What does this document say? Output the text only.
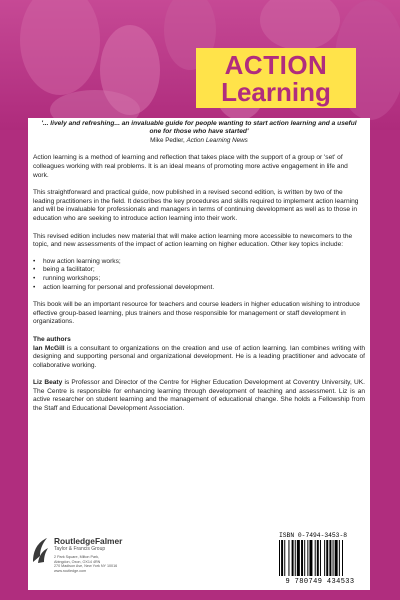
ACTION
Learning
'... lively and refreshing... an invaluable guide for people wanting to start action learning and a useful one for those who have started'
Mike Pedler, Action Learning News

Action learning is a method of learning and reflection that takes place with the support of a group or 'set' of colleagues working with real problems. It is an ideal means of promoting more active engagement in life and work.

This straightforward and practical guide, now published in a revised second edition, is written by two of the leading practitioners in the field. It describes the key procedures and skills required to implement action learning and will be invaluable for professionals and managers in terms of continuing development as well as to those in education who are seeking to introduce action learning into their work.

This revised edition includes new material that will make action learning more accessible to newcomers to the topic, and new assessments of the impact of action learning on higher education. Other key topics include:

• how action learning works;
• being a facilitator;
• running workshops;
• action learning for personal and professional development.

This book will be an important resource for teachers and course leaders in higher education wishing to introduce effective group-based learning, plus trainers and those responsible for management or staff development in organizations.

The authors
Ian McGill is a consultant to organizations on the creation and use of action learning. Ian combines writing with designing and supporting personal and organizational development. He is a leading practitioner and advocate of collaborative working.

Liz Beaty is Professor and Director of the Centre for Higher Education Development at Coventry University, UK. The Centre is responsible for enhancing learning through development of teaching and assessment. Liz is an active researcher on student learning and the management of educational change. She holds a Fellowship from the Staff and Educational Development Association.

RoutledgeFalmer
Taylor & Francis Group
2 Park Square, Milton Park,
Abingdon, Oxon, OX14 4RN
270 Madison Ave, New York NY 10016
www.routledge.com
ISBN 0-7494-3453-8
9 780749 434533
